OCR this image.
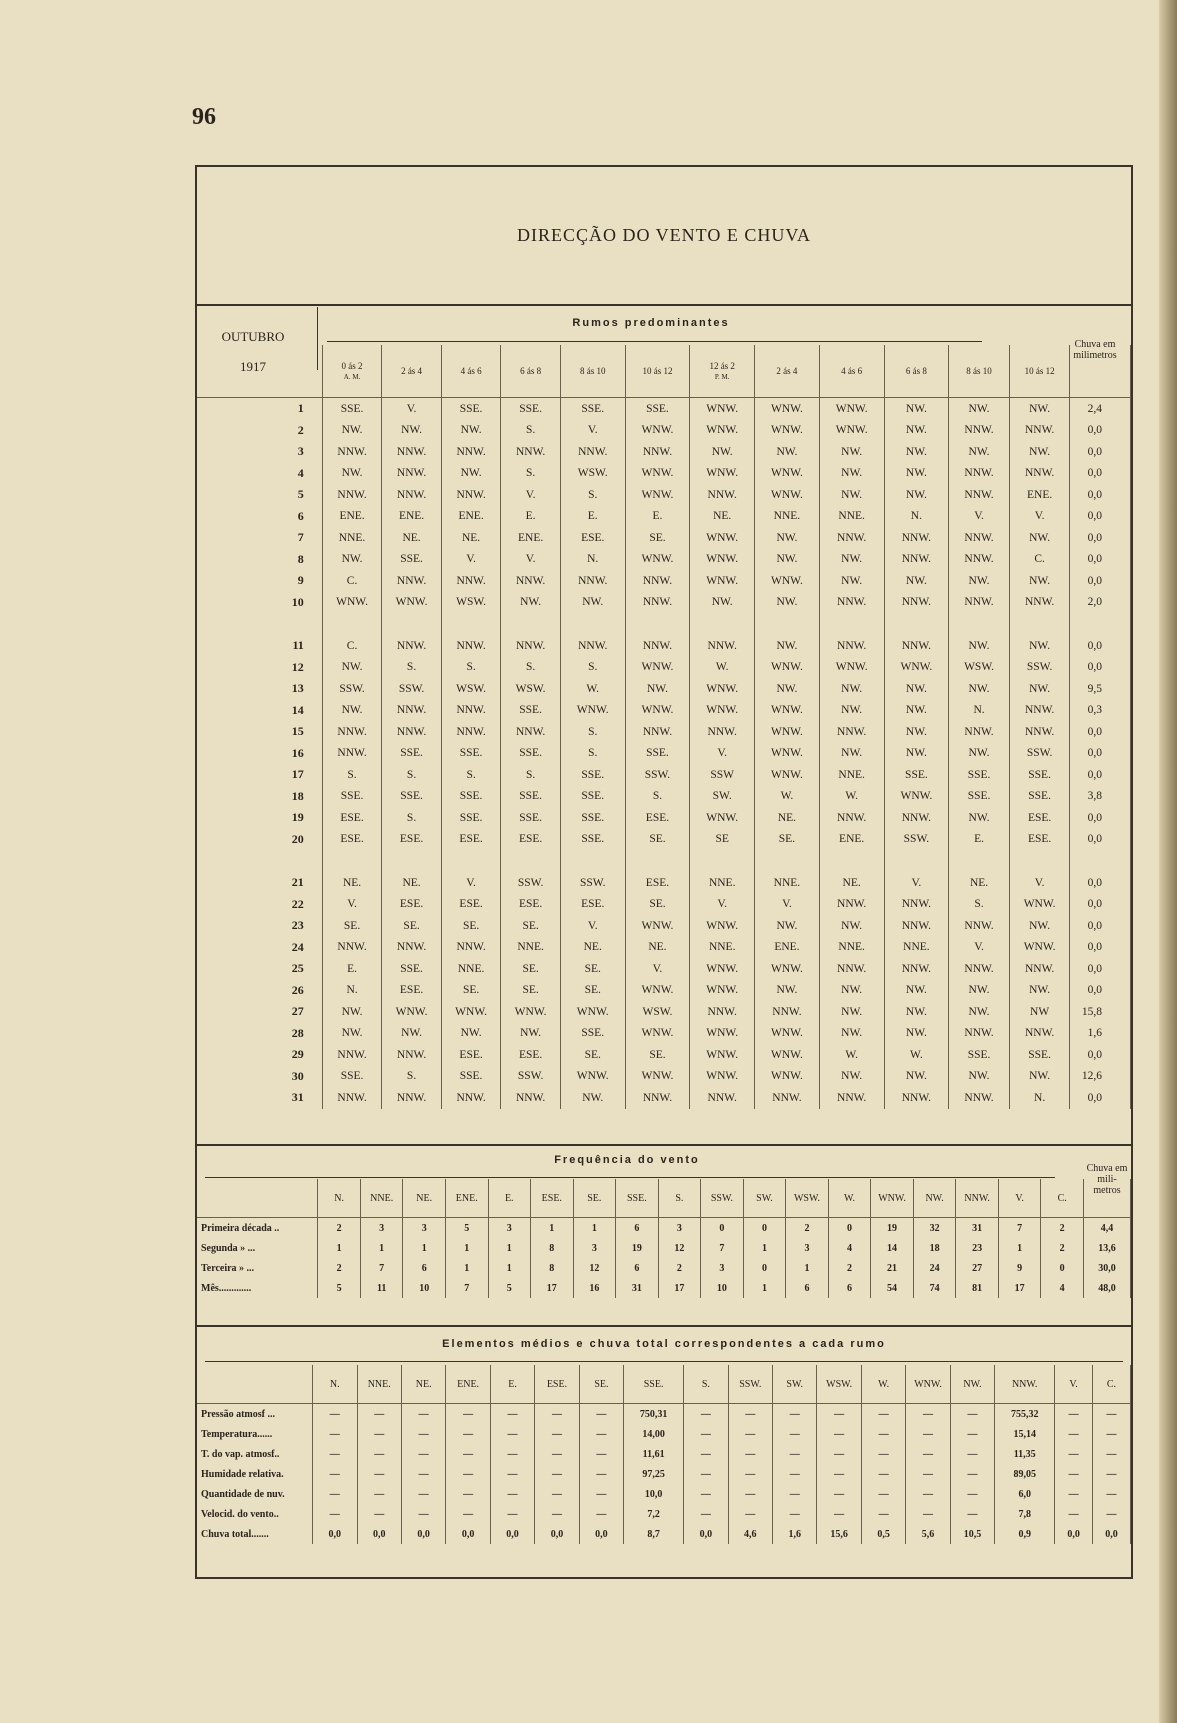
96
DIRECÇÃO DO VENTO E CHUVA
OUTUBRO
1917
Rumos predominantes
Chuva em milimetros
	0 ás 2
A. M.	2 ás 4	4 ás 6	6 ás 8	8 ás 10	10 ás 12	12 ás 2
P. M.	2 ás 4	4 ás 6	6 ás 8	8 ás 10	10 ás 12	
1	SSE.	V.	SSE.	SSE.	SSE.	SSE.	WNW.	WNW.	WNW.	NW.	NW.	NW.	2,4
2	NW.	NW.	NW.	S.	V.	WNW.	WNW.	WNW.	WNW.	NW.	NNW.	NNW.	0,0
3	NNW.	NNW.	NNW.	NNW.	NNW.	NNW.	NW.	NW.	NW.	NW.	NW.	NW.	0,0
4	NW.	NNW.	NW.	S.	WSW.	WNW.	WNW.	WNW.	NW.	NW.	NNW.	NNW.	0,0
5	NNW.	NNW.	NNW.	V.	S.	WNW.	NNW.	WNW.	NW.	NW.	NNW.	ENE.	0,0
6	ENE.	ENE.	ENE.	E.	E.	E.	NE.	NNE.	NNE.	N.	V.	V.	0,0
7	NNE.	NE.	NE.	ENE.	ESE.	SE.	WNW.	NW.	NNW.	NNW.	NNW.	NW.	0,0
8	NW.	SSE.	V.	V.	N.	WNW.	WNW.	NW.	NW.	NNW.	NNW.	C.	0,0
9	C.	NNW.	NNW.	NNW.	NNW.	NNW.	WNW.	WNW.	NW.	NW.	NW.	NW.	0,0
10	WNW.	WNW.	WSW.	NW.	NW.	NNW.	NW.	NW.	NNW.	NNW.	NNW.	NNW.	2,0

11	C.	NNW.	NNW.	NNW.	NNW.	NNW.	NNW.	NW.	NNW.	NNW.	NW.	NW.	0,0
12	NW.	S.	S.	S.	S.	WNW.	W.	WNW.	WNW.	WNW.	WSW.	SSW.	0,0
13	SSW.	SSW.	WSW.	WSW.	W.	NW.	WNW.	NW.	NW.	NW.	NW.	NW.	9,5
14	NW.	NNW.	NNW.	SSE.	WNW.	WNW.	WNW.	WNW.	NW.	NW.	N.	NNW.	0,3
15	NNW.	NNW.	NNW.	NNW.	S.	NNW.	NNW.	WNW.	NNW.	NW.	NNW.	NNW.	0,0
16	NNW.	SSE.	SSE.	SSE.	S.	SSE.	V.	WNW.	NW.	NW.	NW.	SSW.	0,0
17	S.	S.	S.	S.	SSE.	SSW.	SSW	WNW.	NNE.	SSE.	SSE.	SSE.	0,0
18	SSE.	SSE.	SSE.	SSE.	SSE.	S.	SW.	W.	W.	WNW.	SSE.	SSE.	3,8
19	ESE.	S.	SSE.	SSE.	SSE.	ESE.	WNW.	NE.	NNW.	NNW.	NW.	ESE.	0,0
20	ESE.	ESE.	ESE.	ESE.	SSE.	SE.	SE	SE.	ENE.	SSW.	E.	ESE.	0,0

21	NE.	NE.	V.	SSW.	SSW.	ESE.	NNE.	NNE.	NE.	V.	NE.	V.	0,0
22	V.	ESE.	ESE.	ESE.	ESE.	SE.	V.	V.	NNW.	NNW.	S.	WNW.	0,0
23	SE.	SE.	SE.	SE.	V.	WNW.	WNW.	NW.	NW.	NNW.	NNW.	NW.	0,0
24	NNW.	NNW.	NNW.	NNE.	NE.	NE.	NNE.	ENE.	NNE.	NNE.	V.	WNW.	0,0
25	E.	SSE.	NNE.	SE.	SE.	V.	WNW.	WNW.	NNW.	NNW.	NNW.	NNW.	0,0
26	N.	ESE.	SE.	SE.	SE.	WNW.	WNW.	NW.	NW.	NW.	NW.	NW.	0,0
27	NW.	WNW.	WNW.	WNW.	WNW.	WSW.	NNW.	NNW.	NW.	NW.	NW.	NW	15,8
28	NW.	NW.	NW.	NW.	SSE.	WNW.	WNW.	WNW.	NW.	NW.	NNW.	NNW.	1,6
29	NNW.	NNW.	ESE.	ESE.	SE.	SE.	WNW.	WNW.	W.	W.	SSE.	SSE.	0,0
30	SSE.	S.	SSE.	SSW.	WNW.	WNW.	WNW.	WNW.	NW.	NW.	NW.	NW.	12,6
31	NNW.	NNW.	NNW.	NNW.	NW.	NNW.	NNW.	NNW.	NNW.	NNW.	NNW.	N.	0,0
Frequência do vento
Chuva em mili- metros
	N.	NNE.	NE.	ENE.	E.	ESE.	SE.	SSE.	S.	SSW.	SW.	WSW.	W.	WNW.	NW.	NNW.	V.	C.	
Primeira década ..	2	3	3	5	3	1	1	6	3	0	0	2	0	19	32	31	7	2	4,4
Segunda » ...	1	1	1	1	1	8	3	19	12	7	1	3	4	14	18	23	1	2	13,6
Terceira » ...	2	7	6	1	1	8	12	6	2	3	0	1	2	21	24	27	9	0	30,0
Mês.............	5	11	10	7	5	17	16	31	17	10	1	6	6	54	74	81	17	4	48,0
Elementos médios e chuva total correspondentes a cada rumo
	N.	NNE.	NE.	ENE.	E.	ESE.	SE.	SSE.	S.	SSW.	SW.	WSW.	W.	WNW.	NW.	NNW.	V.	C.
Pressão atmosf ...	—	—	—	—	—	—	—	750,31	—	—	—	—	—	—	—	755,32	—	—
Temperatura......	—	—	—	—	—	—	—	14,00	—	—	—	—	—	—	—	15,14	—	—
T. do vap. atmosf..	—	—	—	—	—	—	—	11,61	—	—	—	—	—	—	—	11,35	—	—
Humidade relativa.	—	—	—	—	—	—	—	97,25	—	—	—	—	—	—	—	89,05	—	—
Quantidade de nuv.	—	—	—	—	—	—	—	10,0	—	—	—	—	—	—	—	6,0	—	—
Velocid. do vento..	—	—	—	—	—	—	—	7,2	—	—	—	—	—	—	—	7,8	—	—
Chuva total.......	0,0	0,0	0,0	0,0	0,0	0,0	0,0	8,7	0,0	4,6	1,6	15,6	0,5	5,6	10,5	0,9	0,0	0,0
